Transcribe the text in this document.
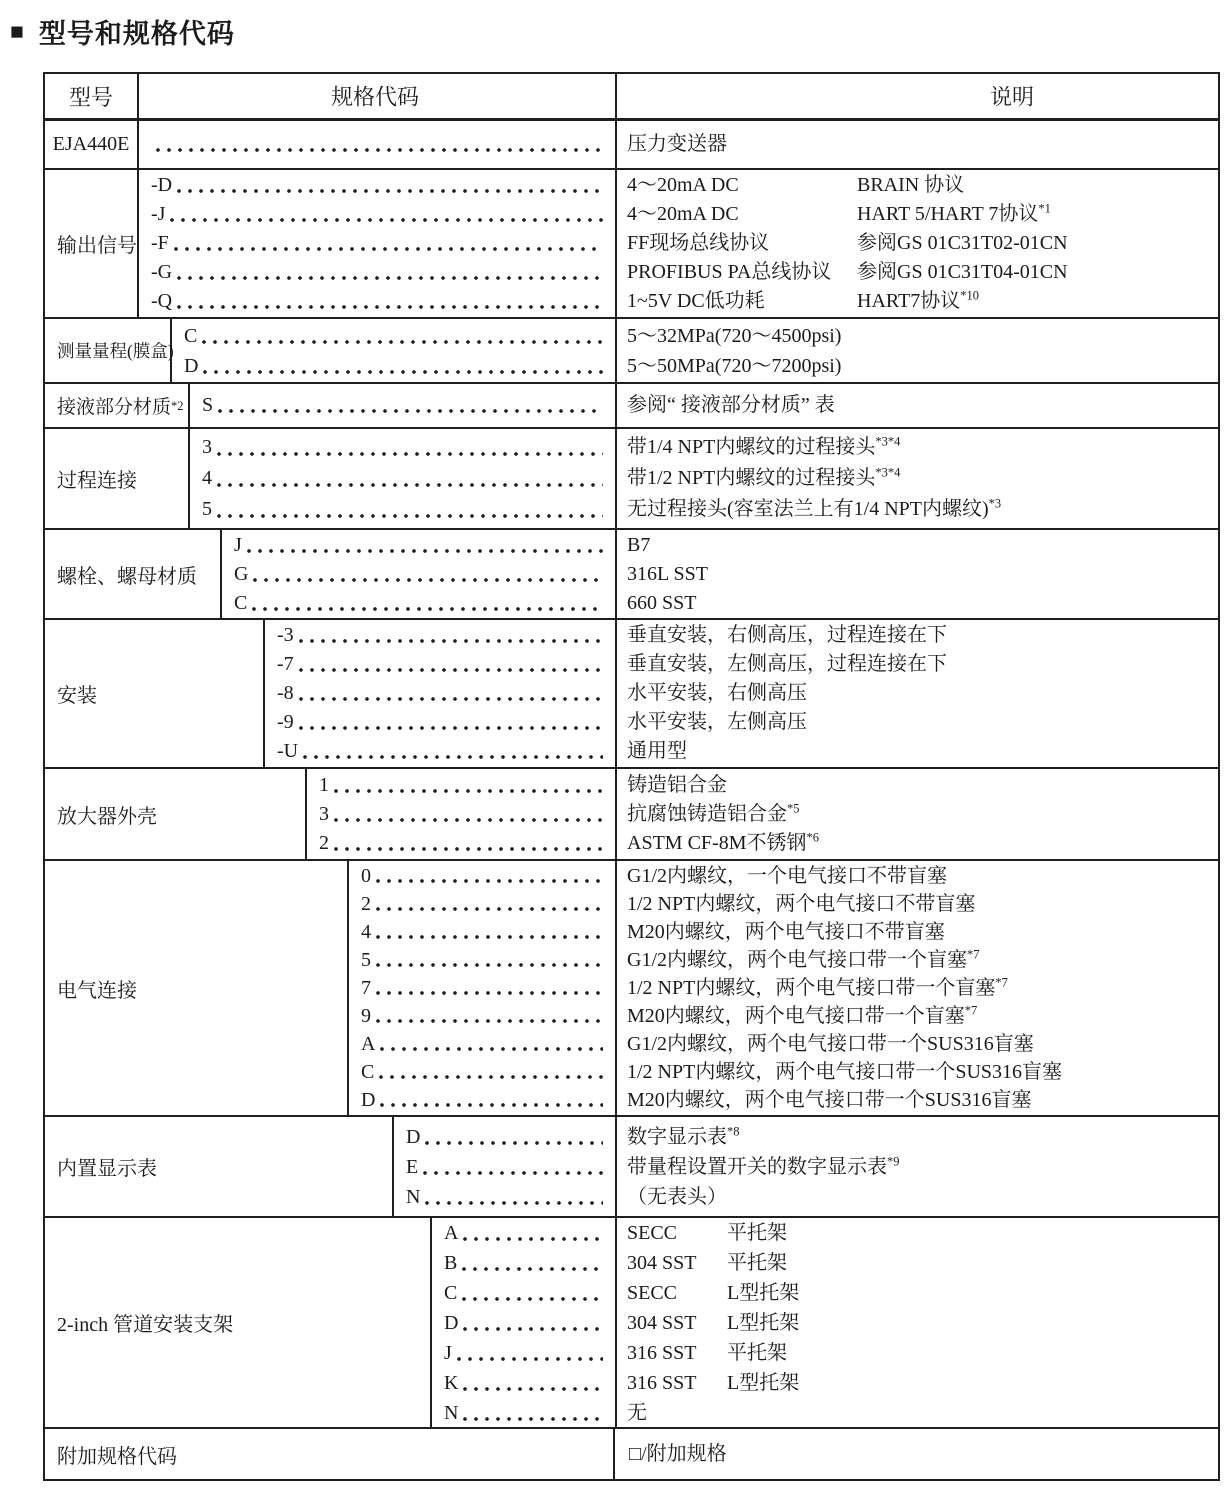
■ 型号和规格代码
型号	规格代码	说明
EJA440E	压力变送器
输出信号
-D	4～20mA DC	BRAIN 协议
-J	4～20mA DC	HART 5/HART 7协议$^{*1}$
-F	FF现场总线协议	参阅GS 01C31T02-01CN
-G	PROFIBUS PA总线协议 参阅GS 01C31T04-01CN
-Q	1~5V DC低功耗	HART7协议$^{*10}$
测量量程(膜盒)
C	5～32MPa(720～4500psi)
D	5～50MPa(720～7200psi)
接液部分材质 *2 S	参阅“ 接液部分材质” 表
过程连接
3	带1/4 NPT内螺纹的过程接头$^{*3*4}$
4	带1/2 NPT内螺纹的过程接头$^{*3*4}$
5	无过程接头(容室法兰上有1/4 NPT内螺纹)$^{*3}$
螺栓、螺母材质
J	B7
G	316L SST
C	660 SST
安装
-3	垂直安装，右侧高压，过程连接在下
-7	垂直安装，左侧高压，过程连接在下
-8	水平安装，右侧高压
-9	水平安装，左侧高压
-U	通用型
放大器外壳
1	铸造铝合金
3	抗腐蚀铸造铝合金$^{*5}$
2	ASTM CF-8M不锈钢$^{*6}$
电气连接
0	G1/2内螺纹，一个电气接口不带盲塞
2	1/2 NPT内螺纹，两个电气接口不带盲塞
4	M20内螺纹，两个电气接口不带盲塞
5	G1/2内螺纹，两个电气接口带一个盲塞$^{*7}$
7	1/2 NPT内螺纹，两个电气接口带一个盲塞$^{*7}$
9	M20内螺纹，两个电气接口带一个盲塞$^{*7}$
A	G1/2内螺纹，两个电气接口带一个SUS316盲塞
C	1/2 NPT内螺纹，两个电气接口带一个SUS316盲塞
D	M20内螺纹，两个电气接口带一个SUS316盲塞
内置显示表
D	数字显示表$^{*8}$
E	带量程设置开关的数字显示表$^{*9}$
N	（无表头）
2-inch 管道安装支架
A	SECC 平托架
B	304 SST 平托架
C	SECC L型托架
D	304 SST L型托架
J	316 SST 平托架
K	316 SST L型托架
N	无
附加规格代码	□/附加规格
